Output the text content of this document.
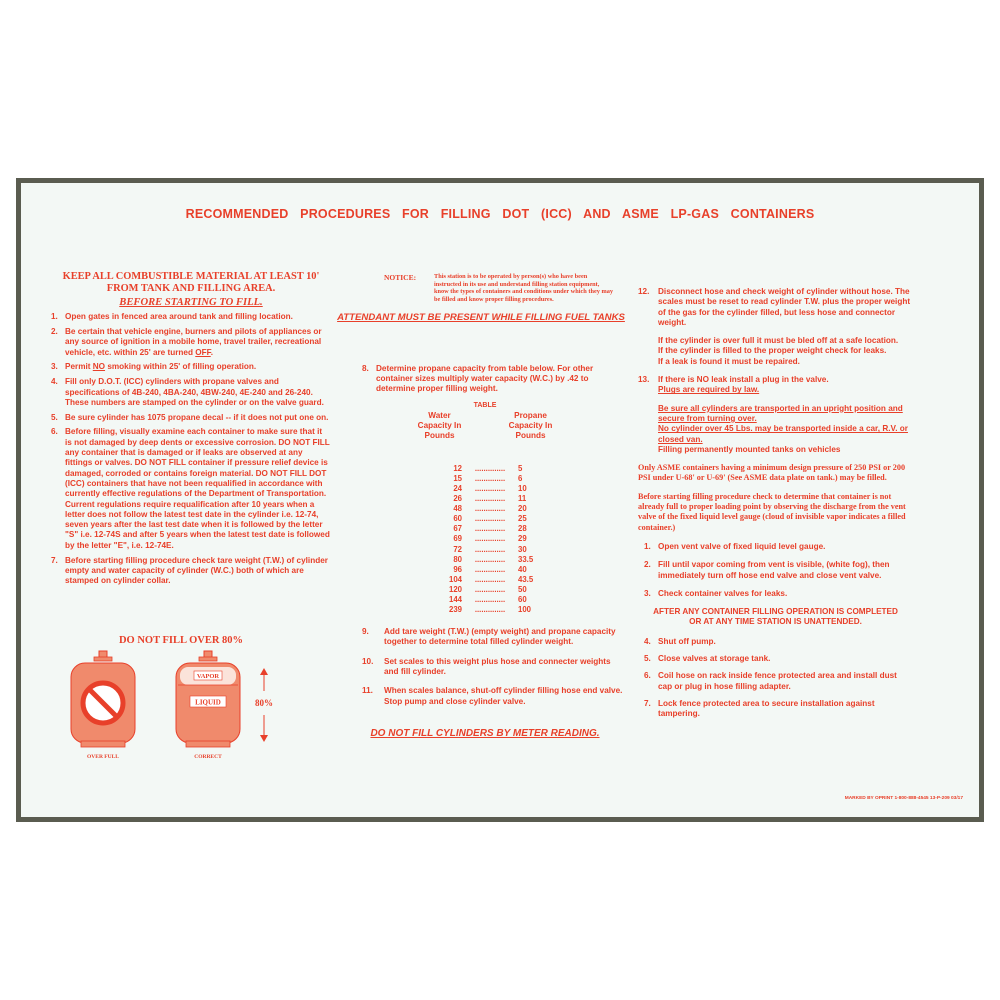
RECOMMENDED PROCEDURES FOR FILLING DOT (ICC) AND ASME LP-GAS CONTAINERS
KEEP ALL COMBUSTIBLE MATERIAL AT LEAST 10'
FROM TANK AND FILLING AREA.
BEFORE STARTING TO FILL.
1. Open gates in fenced area around tank and filling location.
2. Be certain that vehicle engine, burners and pilots of appliances or any source of ignition in a mobile home, travel trailer, recreational vehicle, etc. within 25' are turned OFF.
3. Permit NO smoking within 25' of filling operation.
4. Fill only D.O.T. (ICC) cylinders with propane valves and specifications of 4B-240, 4BA-240, 4BW-240, 4E-240 and 26-240. These numbers are stamped on the cylinder or on the valve guard.
5. Be sure cylinder has 1075 propane decal -- if it does not put one on.
6. Before filling, visually examine each container to make sure that it is not damaged by deep dents or excessive corrosion. DO NOT FILL any container that is damaged or if leaks are observed at any fittings or valves. DO NOT FILL container if pressure relief device is damaged, corroded or contains foreign material. DO NOT FILL DOT (ICC) containers that have not been requalified in accordance with currently effective regulations of the Department of Transportation. Current regulations require requalification after 10 years when a letter does not follow the latest test date in the cylinder i.e. 12-74, seven years after the last test date when it is followed by the letter "S" i.e. 12-74S and after 5 years when the latest test date is followed by the letter "E", i.e. 12-74E.
7. Before starting filling procedure check tare weight (T.W.) of cylinder empty and water capacity of cylinder (W.C.) both of which are stamped on cylinder collar.
DO NOT FILL OVER 80%
VAPOR
LIQUID	80%
OVER FULL	CORRECT
NOTICE:	This station is to be operated by person(s) who have been instructed in its use and understand filling station equipment, know the types of containers and conditions under which they may be filled and know proper filling procedures.
ATTENDANT MUST BE PRESENT WHILE FILLING FUEL TANKS
8. Determine propane capacity from table below. For other container sizes multiply water capacity (W.C.) by .42 to determine proper filling weight.
TABLE
Water Capacity In Pounds
Propane Capacity In Pounds
12	..............	5
15	..............	6
24	..............	10
26	..............	11
48	..............	20
60	..............	25
67	..............	28
69	..............	29
72	..............	30
80	..............	33.5
96	..............	40
104	..............	43.5
120	..............	50
144	..............	60
239	..............	100
9.	Add tare weight (T.W.) (empty weight) and propane capacity together to determine total filled cylinder weight.
10.	Set scales to this weight plus hose and connecter weights and fill cylinder.
11.	When scales balance, shut-off cylinder filling hose end valve. Stop pump and close cylinder valve.
DO NOT FILL CYLINDERS BY METER READING.
12.	Disconnect hose and check weight of cylinder without hose. The scales must be reset to read cylinder T.W. plus the proper weight of the gas for the cylinder filled, but less hose and connector weight.
If the cylinder is over full it must be bled off at a safe location.
If the cylinder is filled to the proper weight check for leaks.
If a leak is found it must be repaired.
13.	If there is NO leak install a plug in the valve.
Plugs are required by law.
Be sure all cylinders are transported in an upright position and secure from turning over.
No cylinder over 45 Lbs. may be transported inside a car, R.V. or closed van.
Filling permanently mounted tanks on vehicles
Only ASME containers having a minimum design pressure of 250 PSI or 200 PSI under U-68' or U-69' (See ASME data plate on tank.) may be filled.
Before starting filling procedure check to determine that container is not already full to proper loading point by observing the discharge from the vent valve of the fixed liquid level gauge (cloud of invisible vapor indicates a filled container.)
1. Open vent valve of fixed liquid level gauge.
2. Fill until vapor coming from vent is visible, (white fog), then immediately turn off hose end valve and close vent valve.
3. Check container valves for leaks.
AFTER ANY CONTAINER FILLING OPERATION IS COMPLETED
OR AT ANY TIME STATION IS UNATTENDED.
4. Shut off pump.
5. Close valves at storage tank.
6. Coil hose on rack inside fence protected area and install dust cap or plug in hose filling adapter.
7. Lock fence protected area to secure installation against tampering.
MARKED BY OPRINT 1-800-888-4545 13-P-209 03/17
